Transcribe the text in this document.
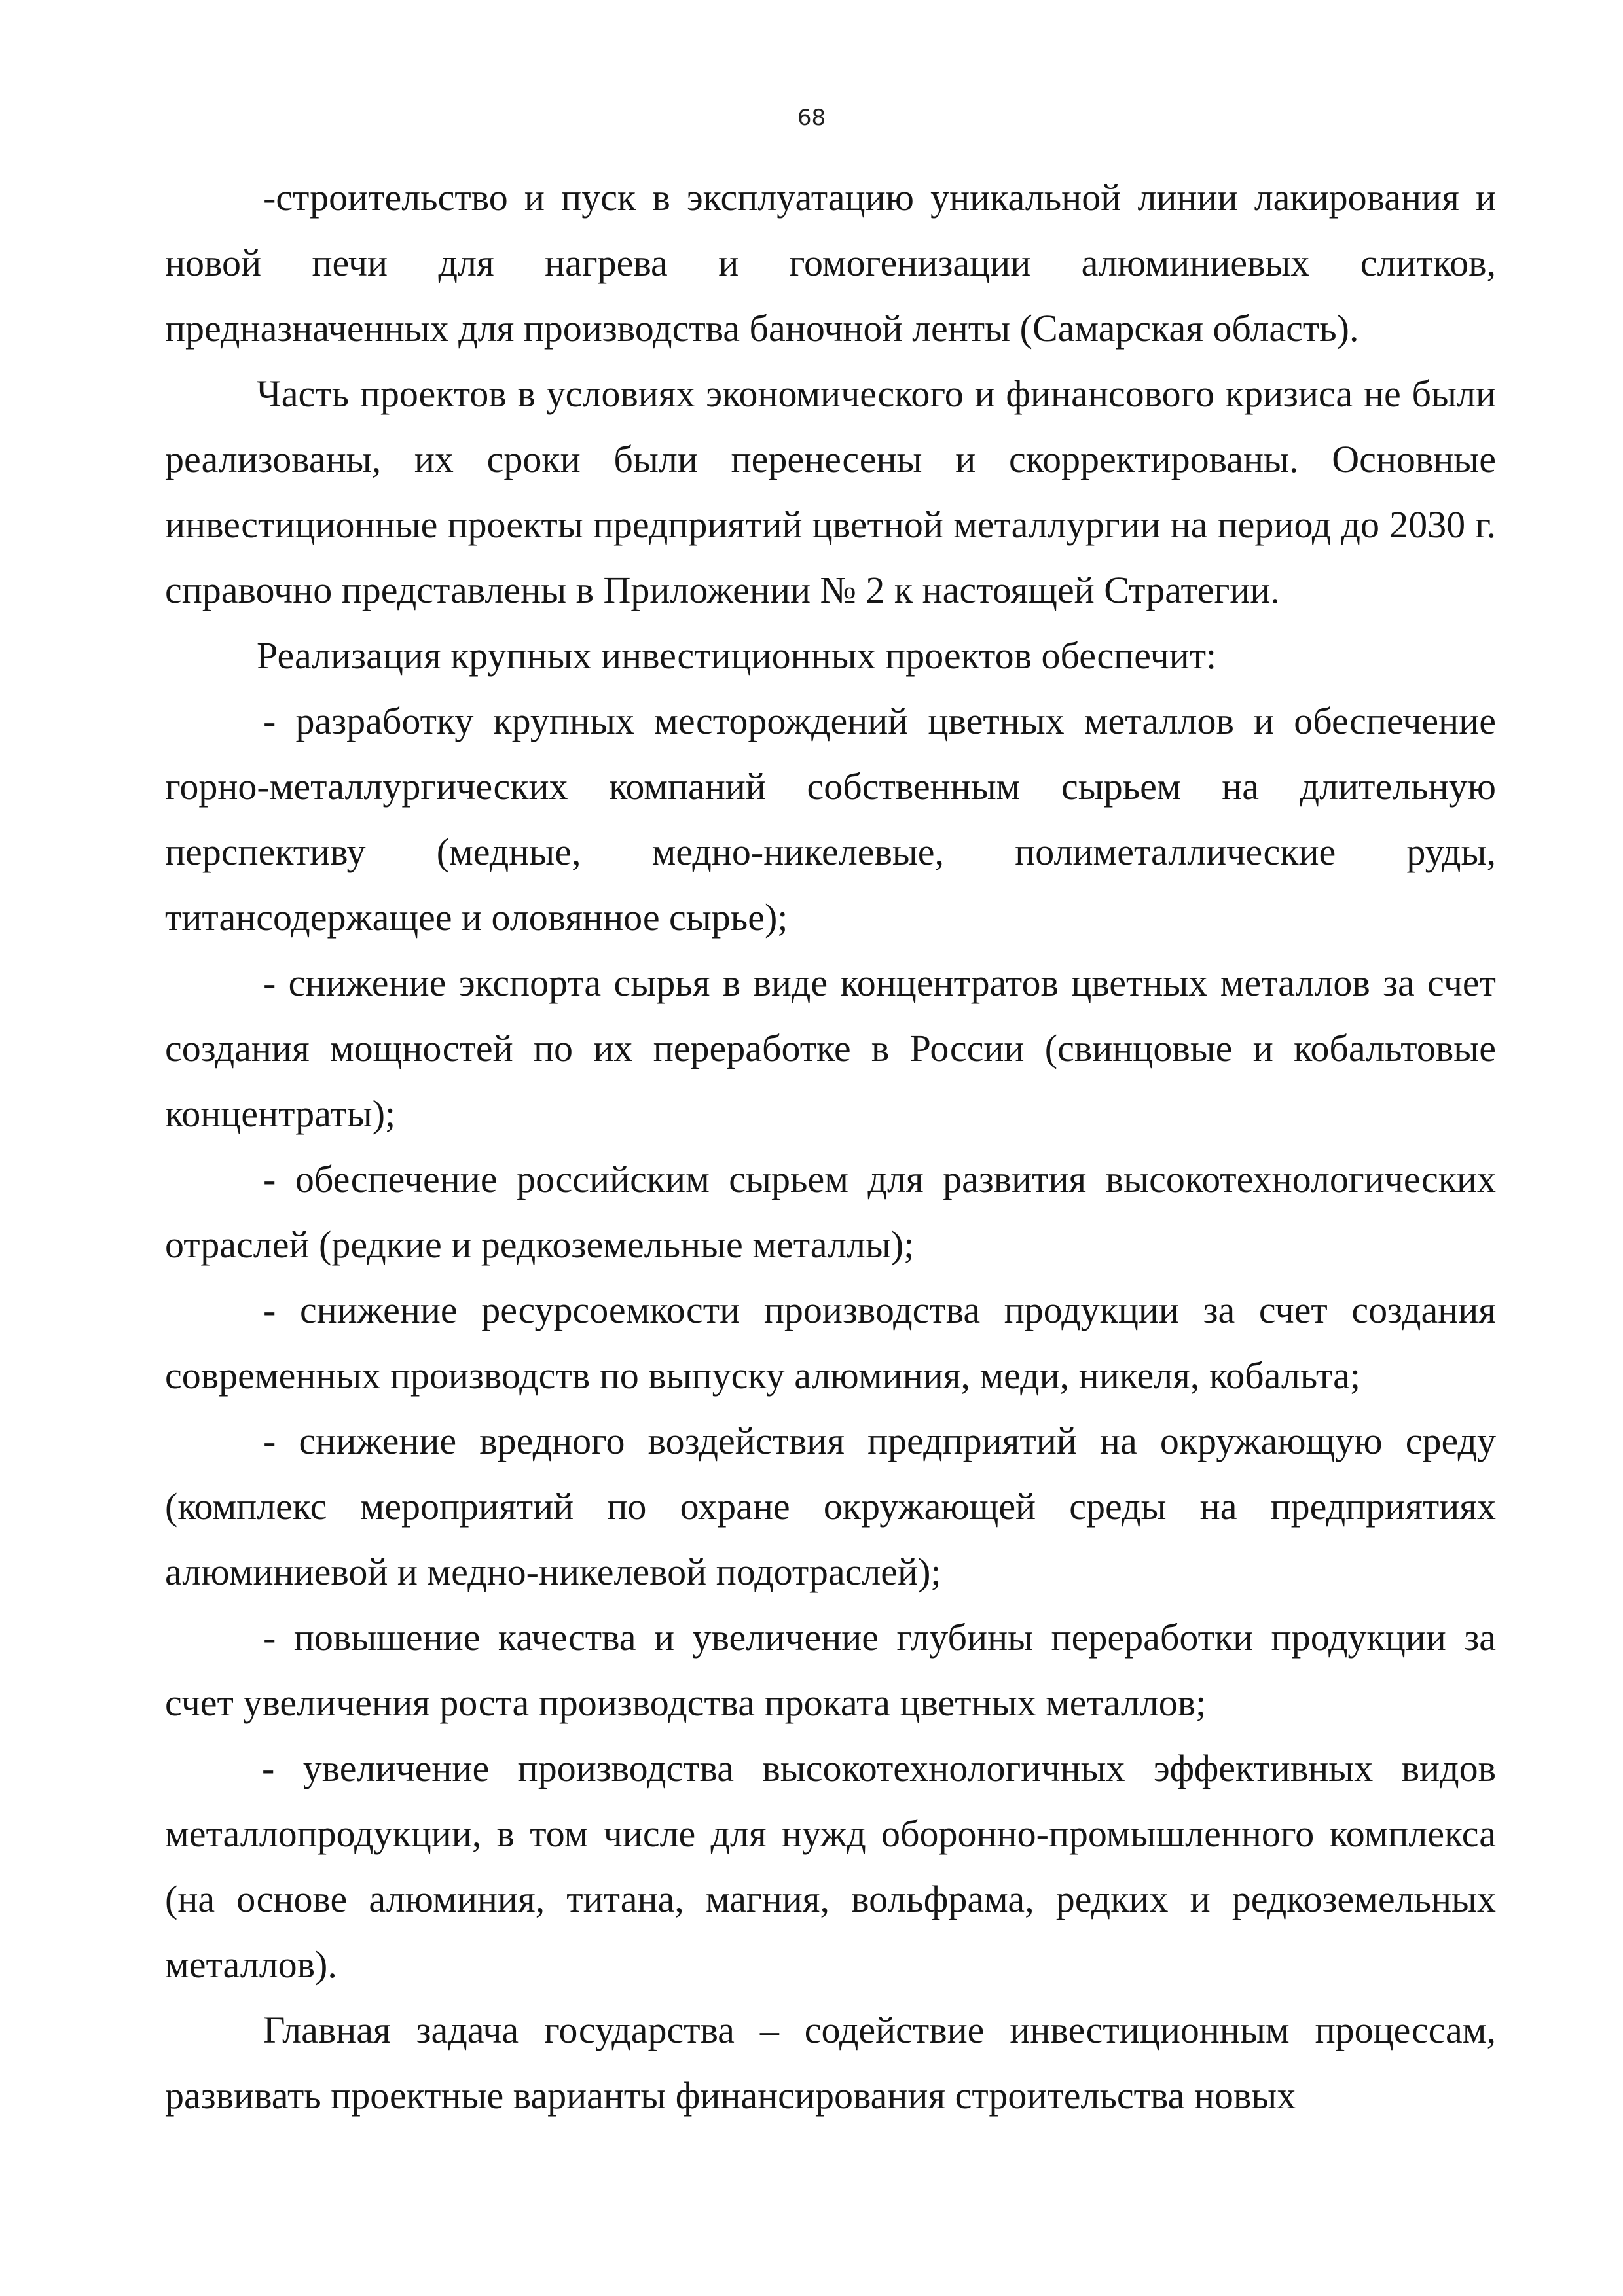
68

-строительство и пуск в эксплуатацию уникальной линии лакирования и новой печи для нагрева и гомогенизации алюминиевых слитков, предназначенных для производства баночной ленты (Самарская область).

Часть проектов в условиях экономического и финансового кризиса не были реализованы, их сроки были перенесены и скорректированы. Основные инвестиционные проекты предприятий цветной металлургии на период до 2030 г. справочно представлены в Приложении № 2 к настоящей Стратегии.

Реализация крупных инвестиционных проектов обеспечит:

- разработку крупных месторождений цветных металлов и обеспечение горно-металлургических компаний собственным сырьем на длительную перспективу (медные, медно-никелевые, полиметаллические руды, титансодержащее и оловянное сырье);

- снижение экспорта сырья в виде концентратов цветных металлов за счет создания мощностей по их переработке в России (свинцовые и кобальтовые концентраты);

- обеспечение российским сырьем для развития высокотехнологических отраслей (редкие и редкоземельные металлы);

- снижение ресурсоемкости производства продукции за счет создания современных производств по выпуску алюминия, меди, никеля, кобальта;

- снижение вредного воздействия предприятий на окружающую среду (комплекс мероприятий по охране окружающей среды на предприятиях алюминиевой и медно-никелевой подотраслей);

- повышение качества и увеличение глубины переработки продукции за счет увеличения роста производства проката цветных металлов;

- увеличение производства высокотехнологичных эффективных видов металлопродукции, в том числе для нужд оборонно-промышленного комплекса (на основе алюминия, титана, магния, вольфрама, редких и редкоземельных металлов).

Главная задача государства – содействие инвестиционным процессам, развивать проектные варианты финансирования строительства новых
